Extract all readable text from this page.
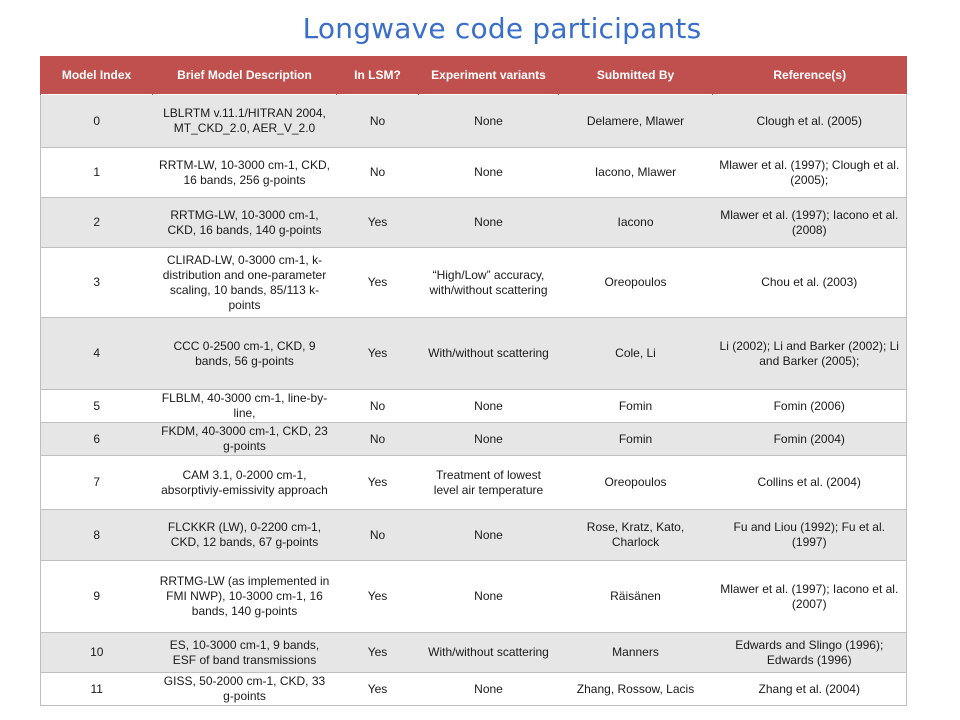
Longwave code participants
Model Index	Brief Model Description	In LSM?	Experiment variants	Submitted By	Reference(s)
0	LBLRTM v.11.1/HITRAN 2004, MT_CKD_2.0, AER_V_2.0	No	None	Delamere, Mlawer	Clough et al. (2005)
1	RRTM-LW, 10-3000 cm-1, CKD, 16 bands, 256 g-points	No	None	Iacono, Mlawer	Mlawer et al. (1997); Clough et al. (2005);
2	RRTMG-LW, 10-3000 cm-1, CKD, 16 bands, 140 g-points	Yes	None	Iacono	Mlawer et al. (1997); Iacono et al. (2008)
3	CLIRAD-LW, 0-3000 cm-1, k-distribution and one-parameter scaling, 10 bands, 85/113 k-points	Yes	“High/Low” accuracy, with/without scattering	Oreopoulos	Chou et al. (2003)
4	CCC 0-2500 cm-1, CKD, 9 bands, 56 g-points	Yes	With/without scattering	Cole, Li	Li (2002); Li and Barker (2002); Li and Barker (2005);
5	FLBLM, 40-3000 cm-1, line-by-line,	No	None	Fomin	Fomin (2006)
6	FKDM, 40-3000 cm-1, CKD, 23 g-points	No	None	Fomin	Fomin (2004)
7	CAM 3.1, 0-2000 cm-1, absorptiviy-emissivity approach	Yes	Treatment of lowest level air temperature	Oreopoulos	Collins et al. (2004)
8	FLCKKR (LW), 0-2200 cm-1, CKD, 12 bands, 67 g-points	No	None	Rose, Kratz, Kato, Charlock	Fu and Liou (1992); Fu et al. (1997)
9	RRTMG-LW (as implemented in FMI NWP), 10-3000 cm-1, 16 bands, 140 g-points	Yes	None	Räisänen	Mlawer et al. (1997); Iacono et al. (2007)
10	ES, 10-3000 cm-1, 9 bands, ESF of band transmissions	Yes	With/without scattering	Manners	Edwards and Slingo (1996); Edwards (1996)
11	GISS, 50-2000 cm-1, CKD, 33 g-points	Yes	None	Zhang, Rossow, Lacis	Zhang et al. (2004)
